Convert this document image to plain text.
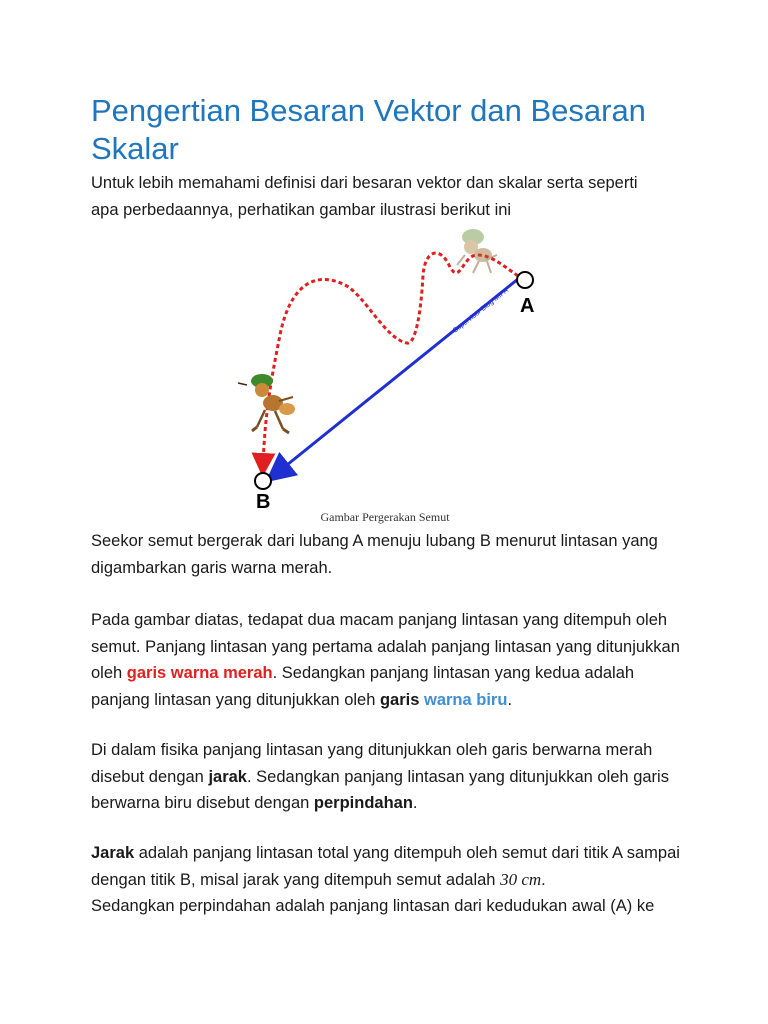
Pengertian Besaran Vektor dan Besaran Skalar

Untuk lebih memahami definisi dari besaran vektor dan skalar serta seperti
apa perbedaannya, perhatikan gambar ilustrasi berikut ini

Seekor semut bergerak dari lubang A menuju lubang B menurut lintasan yang digambarkan garis warna merah.

Pada gambar diatas, tedapat dua macam panjang lintasan yang ditempuh oleh semut. Panjang lintasan yang pertama adalah panjang lintasan yang ditunjukkan oleh garis warna merah. Sedangkan panjang lintasan yang kedua adalah panjang lintasan yang ditunjukkan oleh garis warna biru.

Di dalam fisika panjang lintasan yang ditunjukkan oleh garis berwarna merah disebut dengan jarak. Sedangkan panjang lintasan yang ditunjukkan oleh garis berwarna biru disebut dengan perpindahan.

Jarak adalah panjang lintasan total yang ditempuh oleh semut dari titik A sampai dengan titik B, misal jarak yang ditempuh semut adalah 30 cm.
Sedangkan perpindahan adalah panjang lintasan dari kedudukan awal (A) ke

Supervisor Blog MIPA A
B
Gambar Pergerakan Semut
